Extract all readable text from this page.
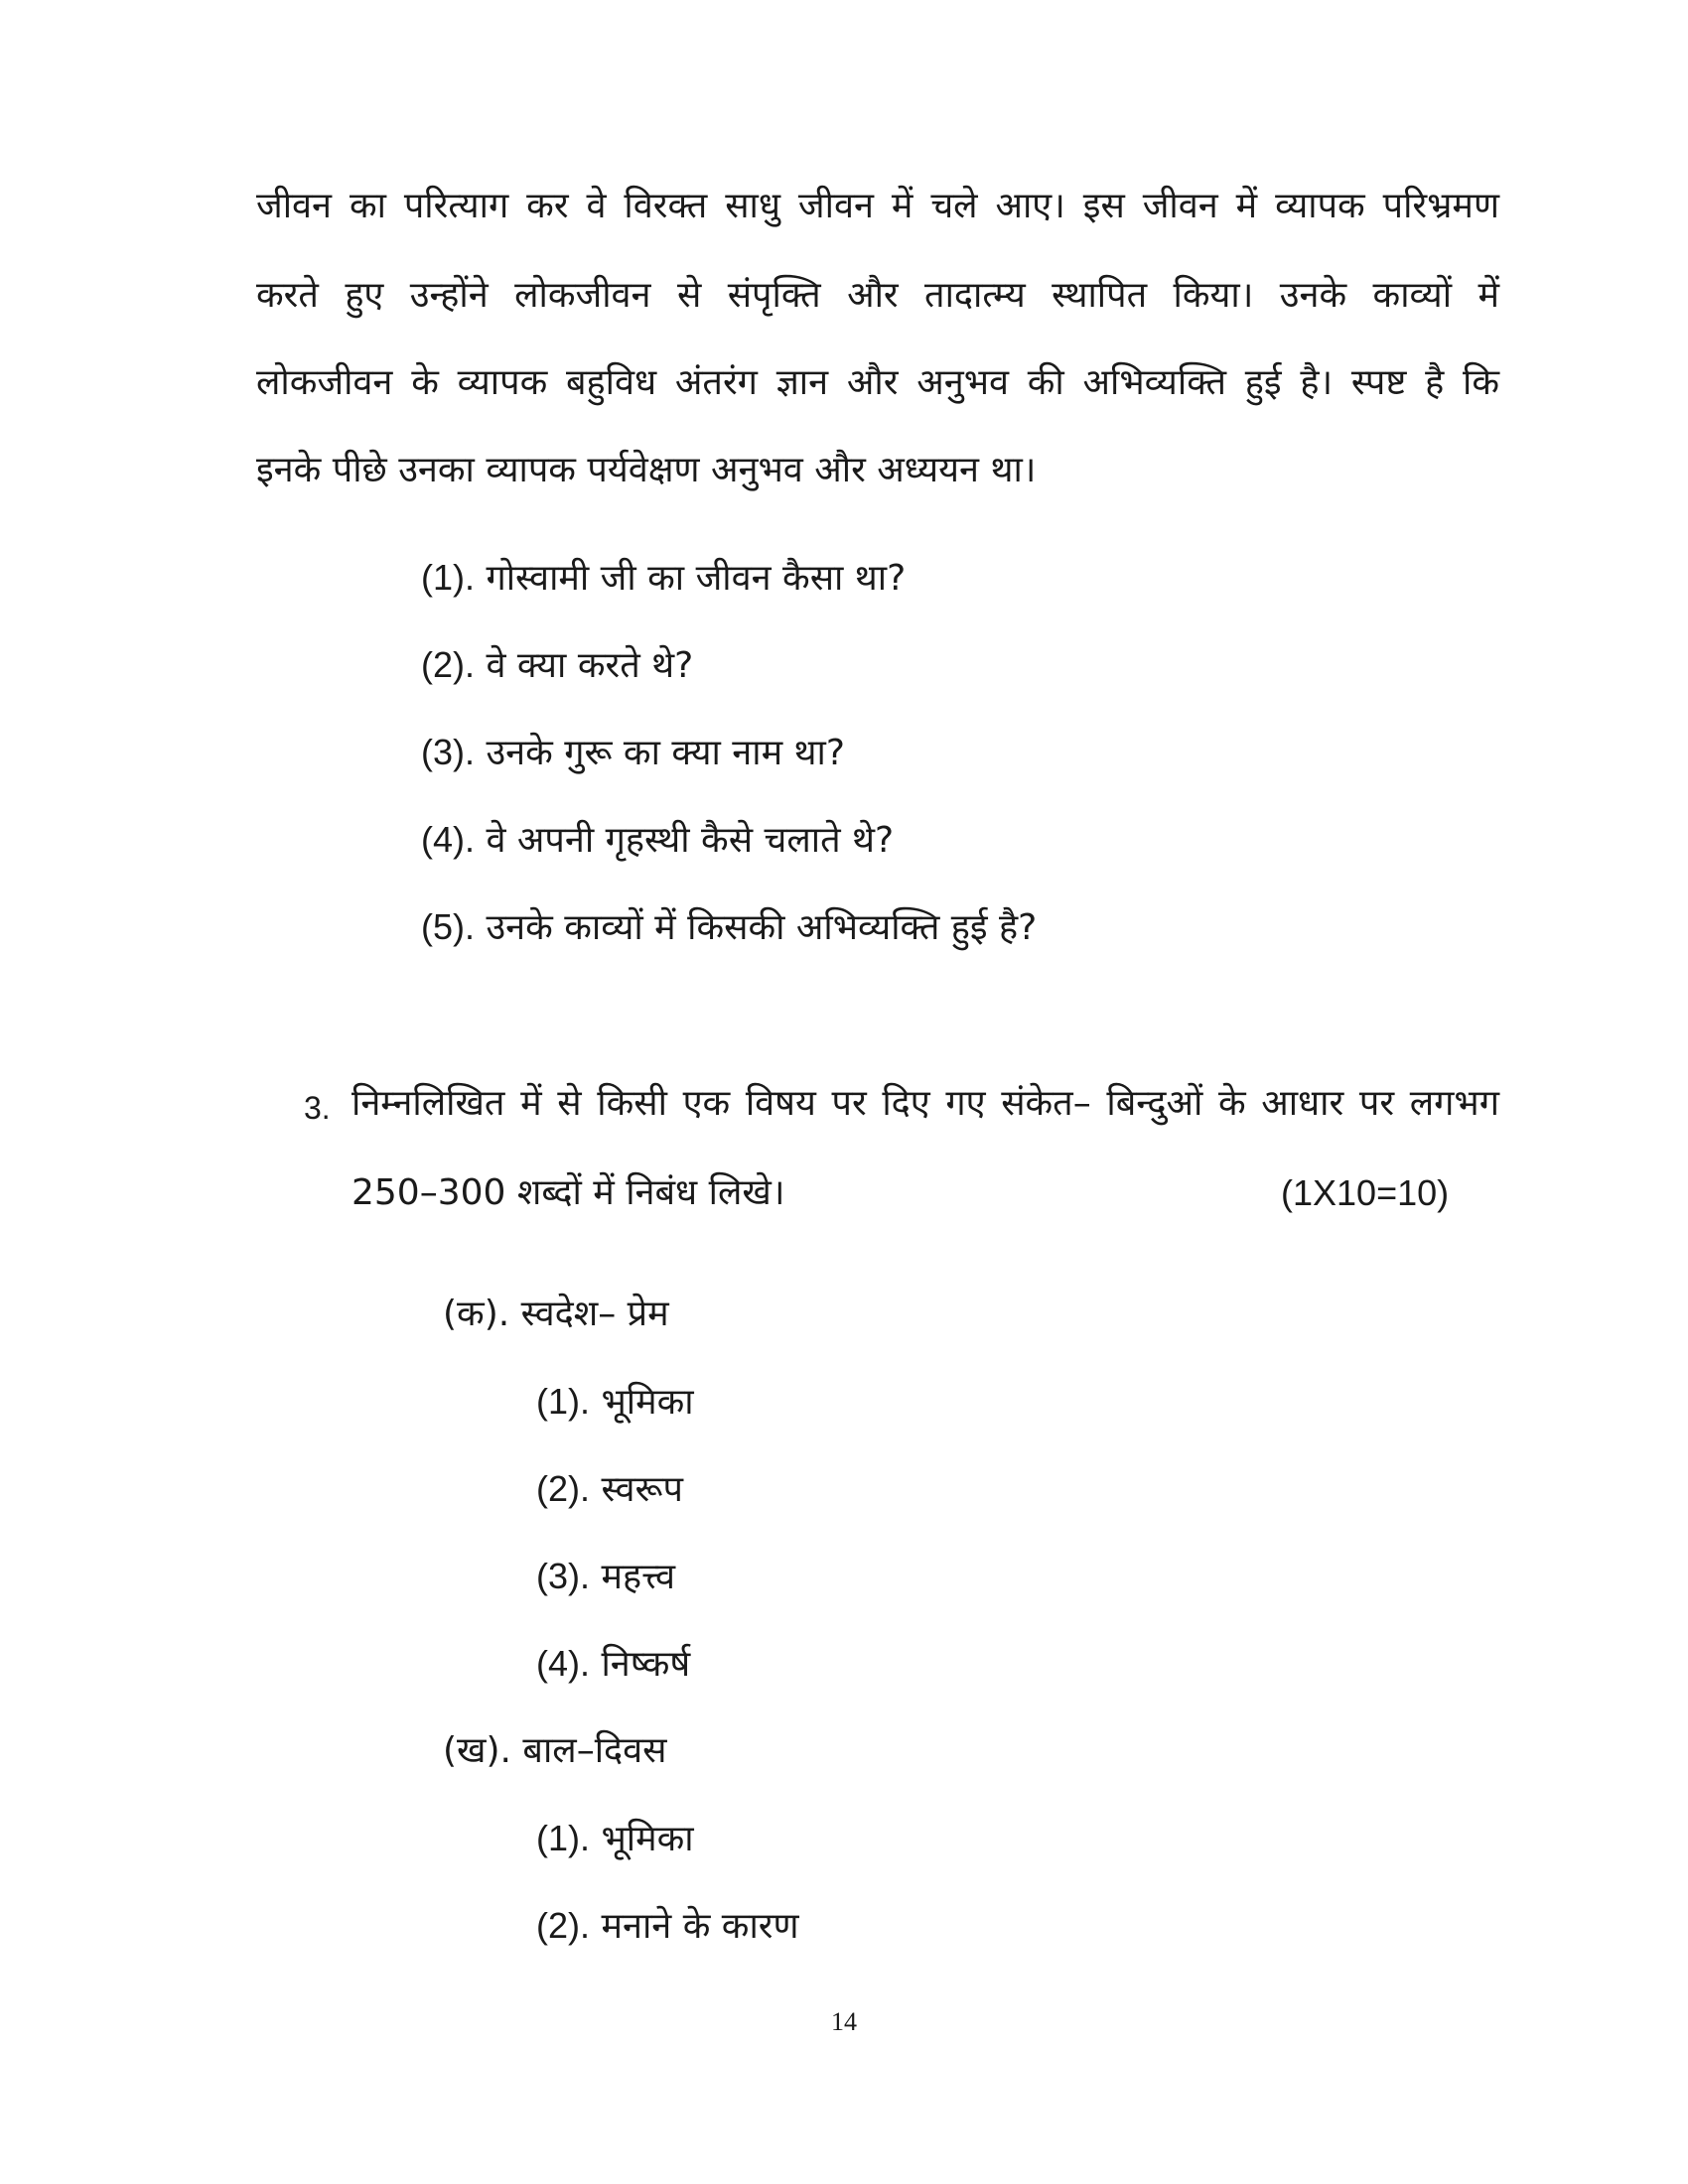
जीवन का परित्याग कर वे विरक्त साधु जीवन में चले आए। इस जीवन में व्यापक परिभ्रमण
करते हुए उन्होंने लोकजीवन से संपृक्ति और तादात्म्य स्थापित किया। उनके काव्यों में
लोकजीवन के व्यापक बहुविध अंतरंग ज्ञान और अनुभव की अभिव्यक्ति हुई है। स्पष्ट है कि
इनके पीछे उनका व्यापक पर्यवेक्षण अनुभव और अध्ययन था।
(1). गोस्वामी जी का जीवन कैसा था?
(2). वे क्या करते थे?
(3). उनके गुरू का क्या नाम था?
(4). वे अपनी गृहस्थी कैसे चलाते थे?
(5). उनके काव्यों में किसकी अभिव्यक्ति हुई है?
3. निम्नलिखित में से किसी एक विषय पर दिए गए संकेत– बिन्दुओं के आधार पर लगभग
250–300 शब्दों में निबंध लिखे।	(1X10=10)
(क). स्वदेश– प्रेम
(1). भूमिका
(2). स्वरूप
(3). महत्त्व
(4). निष्कर्ष
(ख). बाल–दिवस
(1). भूमिका
(2). मनाने के कारण
14
